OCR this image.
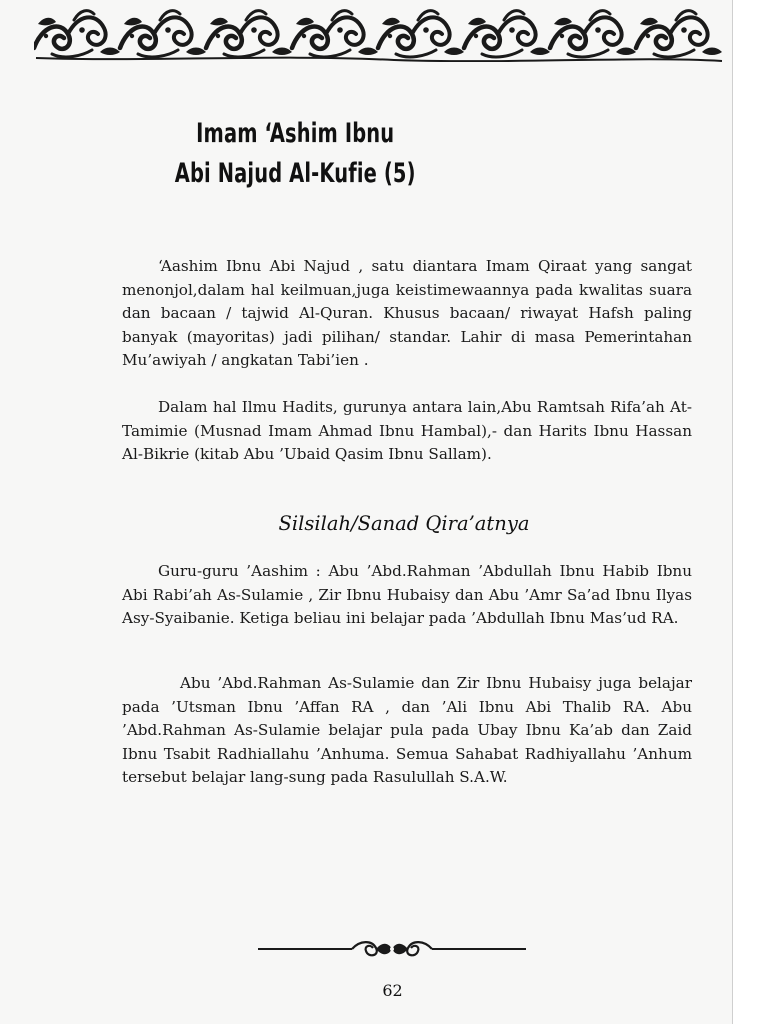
Imam ‘Ashim Ibnu
Abi Najud Al-Kufie (5)

‘Aashim Ibnu Abi Najud , satu diantara Imam Qiraat yang sangat menonjol,dalam hal keilmuan,juga keistimewaannya pada kwalitas suara dan bacaan / tajwid Al-Quran. Khusus bacaan/ riwayat Hafsh paling banyak (mayoritas) jadi pilihan/ standar. Lahir di masa Pemerintahan Mu’awiyah / angkatan Tabi’ien .

Dalam hal Ilmu Hadits, gurunya antara lain,Abu Ramtsah Rifa’ah At-Tamimie (Musnad Imam Ahmad Ibnu Hambal),- dan Harits Ibnu Hassan Al-Bikrie (kitab Abu ’Ubaid Qasim Ibnu Sallam).

Silsilah/Sanad Qira’atnya

Guru-guru ’Aashim : Abu ’Abd.Rahman ’Abdullah Ibnu Habib Ibnu Abi Rabi’ah As-Sulamie , Zir Ibnu Hubaisy dan Abu ’Amr Sa’ad Ibnu Ilyas Asy-Syaibanie. Ketiga beliau ini belajar pada ’Abdullah Ibnu Mas’ud RA.

Abu ’Abd.Rahman As-Sulamie dan Zir Ibnu Hubaisy juga belajar pada ’Utsman Ibnu ’Affan RA , dan ’Ali Ibnu Abi Thalib RA. Abu ’Abd.Rahman As-Sulamie belajar pula pada Ubay Ibnu Ka’ab dan Zaid Ibnu Tsabit Radhiallahu ’Anhuma. Semua Sahabat Radhiyallahu ’Anhum tersebut belajar lang-sung pada Rasulullah S.A.W.

62
